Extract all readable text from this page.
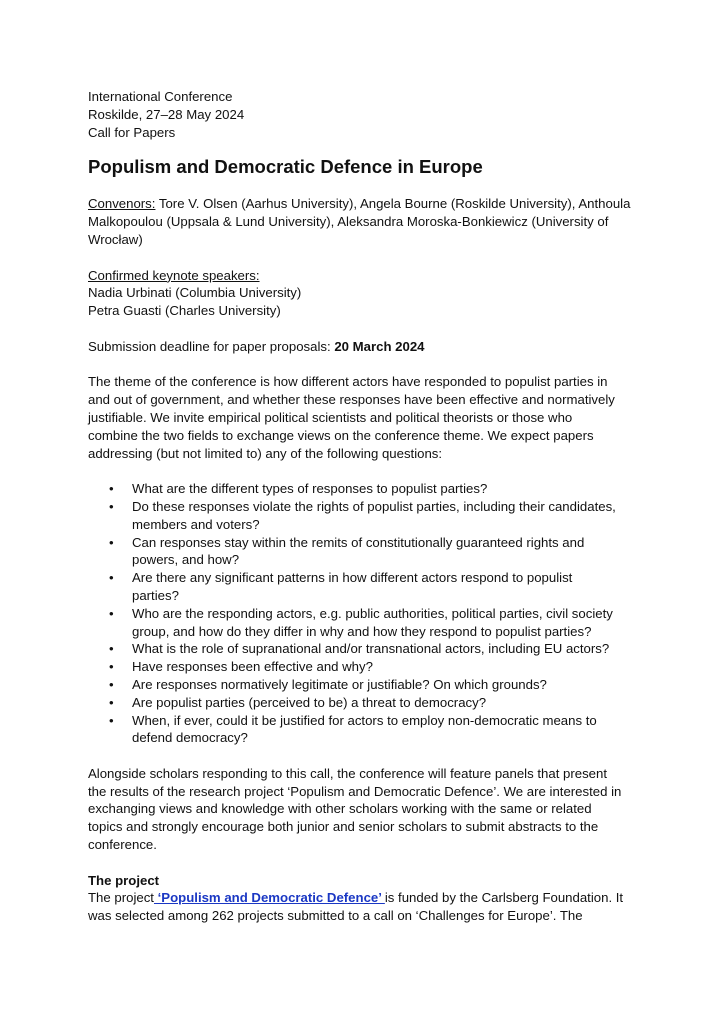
International Conference
Roskilde, 27–28 May 2024
Call for Papers
Populism and Democratic Defence in Europe
Convenors: Tore V. Olsen (Aarhus University), Angela Bourne (Roskilde University), Anthoula
Malkopoulou (Uppsala & Lund University), Aleksandra Moroska-Bonkiewicz (University of
Wrocław)
Confirmed keynote speakers:
Nadia Urbinati (Columbia University)
Petra Guasti (Charles University)
Submission deadline for paper proposals: 20 March 2024
The theme of the conference is how different actors have responded to populist parties in
and out of government, and whether these responses have been effective and normatively
justifiable. We invite empirical political scientists and political theorists or those who
combine the two fields to exchange views on the conference theme. We expect papers
addressing (but not limited to) any of the following questions:
• What are the different types of responses to populist parties?
• Do these responses violate the rights of populist parties, including their candidates,
members and voters?
• Can responses stay within the remits of constitutionally guaranteed rights and
powers, and how?
• Are there any significant patterns in how different actors respond to populist
parties?
• Who are the responding actors, e.g. public authorities, political parties, civil society
group, and how do they differ in why and how they respond to populist parties?
• What is the role of supranational and/or transnational actors, including EU actors?
• Have responses been effective and why?
• Are responses normatively legitimate or justifiable? On which grounds?
• Are populist parties (perceived to be) a threat to democracy?
• When, if ever, could it be justified for actors to employ non-democratic means to
defend democracy?
Alongside scholars responding to this call, the conference will feature panels that present
the results of the research project ‘Populism and Democratic Defence’. We are interested in
exchanging views and knowledge with other scholars working with the same or related
topics and strongly encourage both junior and senior scholars to submit abstracts to the
conference.
The project
The project ‘Populism and Democratic Defence’ is funded by the Carlsberg Foundation. It
was selected among 262 projects submitted to a call on ‘Challenges for Europe’. The
